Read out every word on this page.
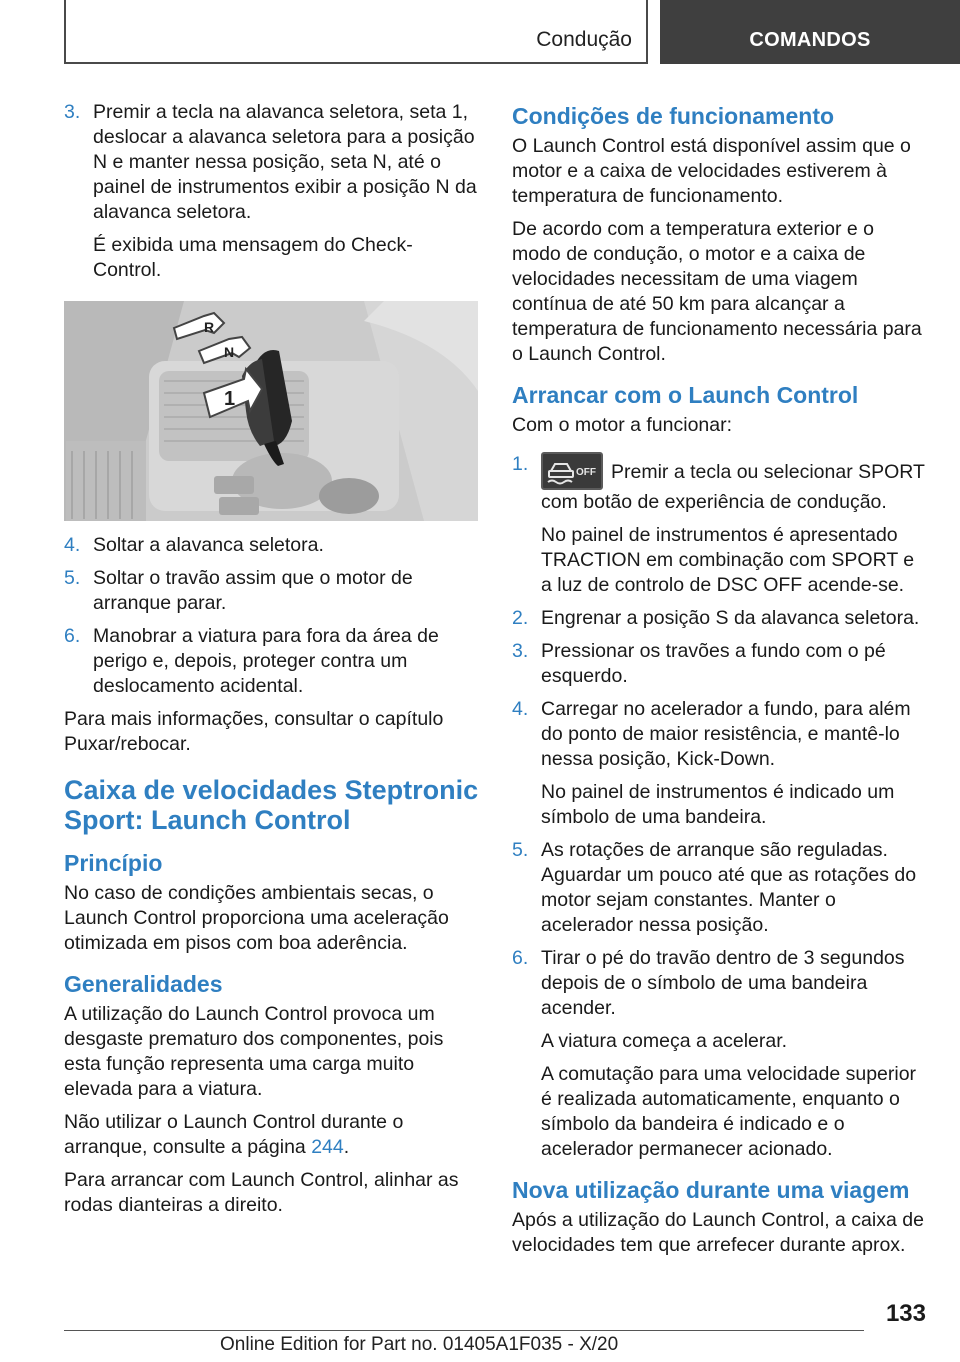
Condução	COMANDOS
3. Premir a tecla na alavanca seletora, seta 1, deslocar a alavanca seletora para a posição N e manter nessa posição, seta N, até o painel de instrumentos exibir a posição N da alavanca seletora.

É exibida uma mensagem do Check-Control.

R
N
1
4. Soltar a alavanca seletora.

5. Soltar o travão assim que o motor de arranque parar.

6. Manobrar a viatura para fora da área de perigo e, depois, proteger contra um deslocamento acidental.

Para mais informações, consultar o capítulo Puxar/rebocar.

Caixa de velocidades Steptronic Sport: Launch Control
Princípio

No caso de condições ambientais secas, o Launch Control proporciona uma aceleração otimizada em pisos com boa aderência.

Generalidades

A utilização do Launch Control provoca um desgaste prematuro dos componentes, pois esta função representa uma carga muito elevada para a viatura.

Não utilizar o Launch Control durante o arranque, consulte a página 244.

Para arrancar com Launch Control, alinhar as rodas dianteiras a direito.

Condições de funcionamento

O Launch Control está disponível assim que o motor e a caixa de velocidades estiverem à temperatura de funcionamento.

De acordo com a temperatura exterior e o modo de condução, o motor e a caixa de velocidades necessitam de uma viagem contínua de até 50 km para alcançar a temperatura de funcionamento necessária para o Launch Control.

Arrancar com o Launch Control

Com o motor a funcionar:

1.	OFF Premir a tecla ou selecionar SPORT com botão de experiência de condução.

No painel de instrumentos é apresentado TRACTION em combinação com SPORT e a luz de controlo de DSC OFF acende-se.

2. Engrenar a posição S da alavanca seletora.

3. Pressionar os travões a fundo com o pé esquerdo.

4. Carregar no acelerador a fundo, para além do ponto de maior resistência, e mantê-lo nessa posição, Kick-Down.

No painel de instrumentos é indicado um símbolo de uma bandeira.

5. As rotações de arranque são reguladas. Aguardar um pouco até que as rotações do motor sejam constantes. Manter o acelerador nessa posição.

6. Tirar o pé do travão dentro de 3 segundos depois de o símbolo de uma bandeira acender.

A viatura começa a acelerar.

A comutação para uma velocidade superior é realizada automaticamente, enquanto o símbolo da bandeira é indicado e o acelerador permanecer acionado.

Nova utilização durante uma viagem

Após a utilização do Launch Control, a caixa de velocidades tem que arrefecer durante aprox.

133
Online Edition for Part no. 01405A1F035 - X/20
